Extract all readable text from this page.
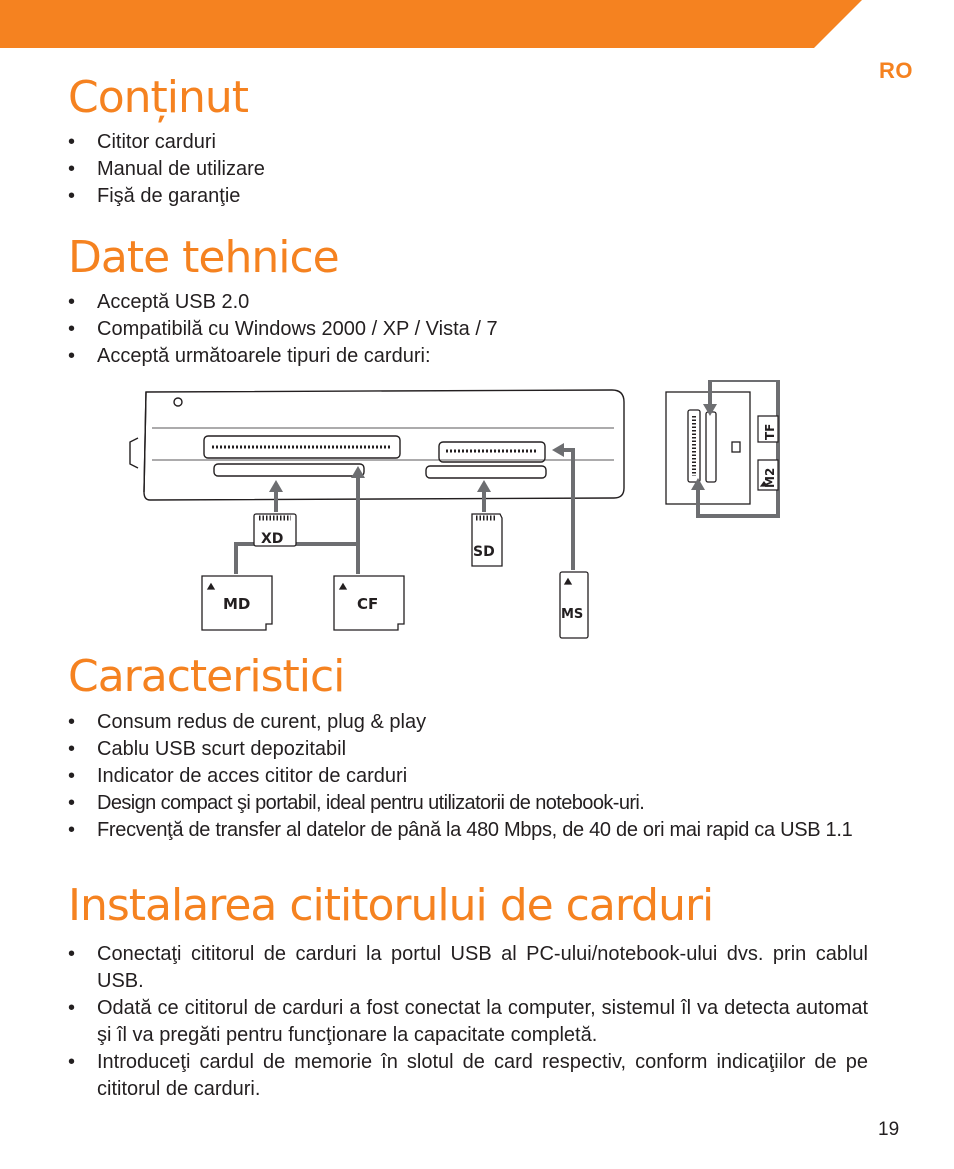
RO
Conținut
• Cititor carduri
• Manual de utilizare
• Fişă de garanţie
Date tehnice
• Acceptă USB 2.0
• Compatibilă cu Windows 2000 / XP / Vista / 7
• Acceptă următoarele tipuri de carduri:
XD
SD
MD	CF
MS
TF
M2
Caracteristici
• Consum redus de curent, plug & play
• Cablu USB scurt depozitabil
• Indicator de acces cititor de carduri
• Design compact şi portabil, ideal pentru utilizatorii de notebook-uri.
• Frecvenţă de transfer al datelor de până la 480 Mbps, de 40 de ori mai rapid ca USB 1.1
Instalarea cititorului de carduri
• Conectaţi cititorul de carduri la portul USB al PC-ului/notebook-ului dvs. prin cablul USB.
• Odată ce cititorul de carduri a fost conectat la computer, sistemul îl va detecta automat şi îl va pregăti pentru funcţionare la capacitate completă.
• Introduceţi cardul de memorie în slotul de card respectiv, conform indicaţiilor de pe cititorul de carduri.
19
